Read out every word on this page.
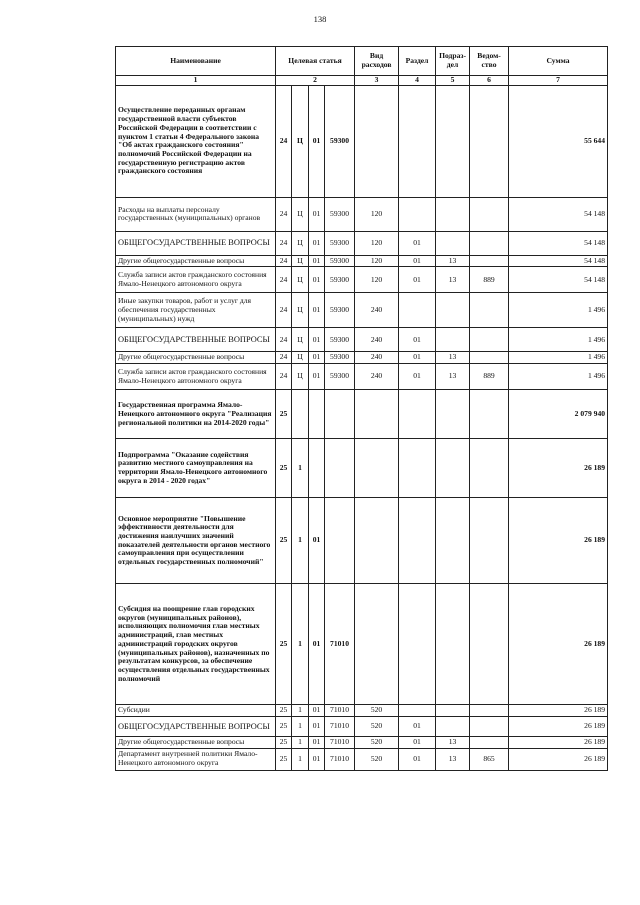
138
Наименование	Целевая статья				Вид расходов	Раздел	Подраз-дел	Ведом-ство	Сумма
1	2				3	4	5	6	7
Осуществление переданных органам государственной власти субъектов Российской Федерации в соответствии с пунктом 1 статьи 4 Федерального закона "Об актах гражданского состояния" полномочий Российской Федерации на государственную регистрацию актов гражданского состояния	24	Ц	01	59300					55 644
Расходы на выплаты персоналу государственных (муниципальных) органов	24	Ц	01	59300	120				54 148
ОБЩЕГОСУДАРСТВЕННЫЕ ВОПРОСЫ	24	Ц	01	59300	120	01			54 148
Другие общегосударственные вопросы	24	Ц	01	59300	120	01	13		54 148
Служба записи актов гражданского состояния Ямало-Ненецкого автономного округа	24	Ц	01	59300	120	01	13	889	54 148
Иные закупки товаров, работ и услуг для обеспечения государственных (муниципальных) нужд	24	Ц	01	59300	240				1 496
ОБЩЕГОСУДАРСТВЕННЫЕ ВОПРОСЫ	24	Ц	01	59300	240	01			1 496
Другие общегосударственные вопросы	24	Ц	01	59300	240	01	13		1 496
Служба записи актов гражданского состояния Ямало-Ненецкого автономного округа	24	Ц	01	59300	240	01	13	889	1 496
Государственная программа Ямало-Ненецкого автономного округа "Реализация региональной политики на 2014-2020 годы"	25								2 079 940
Подпрограмма "Оказание содействия развитию местного самоуправления на территории Ямало-Ненецкого автономного округа в 2014 - 2020 годах"	25	1							26 189
Основное мероприятие "Повышение эффективности деятельности для достижения наилучших значений показателей деятельности органов местного самоуправления при осуществлении отдельных государственных полномочий"	25	1	01						26 189
Субсидия на поощрение глав городских округов (муниципальных районов), исполняющих полномочия глав местных администраций, глав местных администраций городских округов (муниципальных районов), назначенных по результатам конкурсов, за обеспечение осуществления отдельных государственных полномочий	25	1	01	71010					26 189
Субсидии	25	1	01	71010	520				26 189
ОБЩЕГОСУДАРСТВЕННЫЕ ВОПРОСЫ	25	1	01	71010	520	01			26 189
Другие общегосударственные вопросы	25	1	01	71010	520	01	13		26 189
Департамент внутренней политики Ямало-Ненецкого автономного округа	25	1	01	71010	520	01	13	865	26 189
